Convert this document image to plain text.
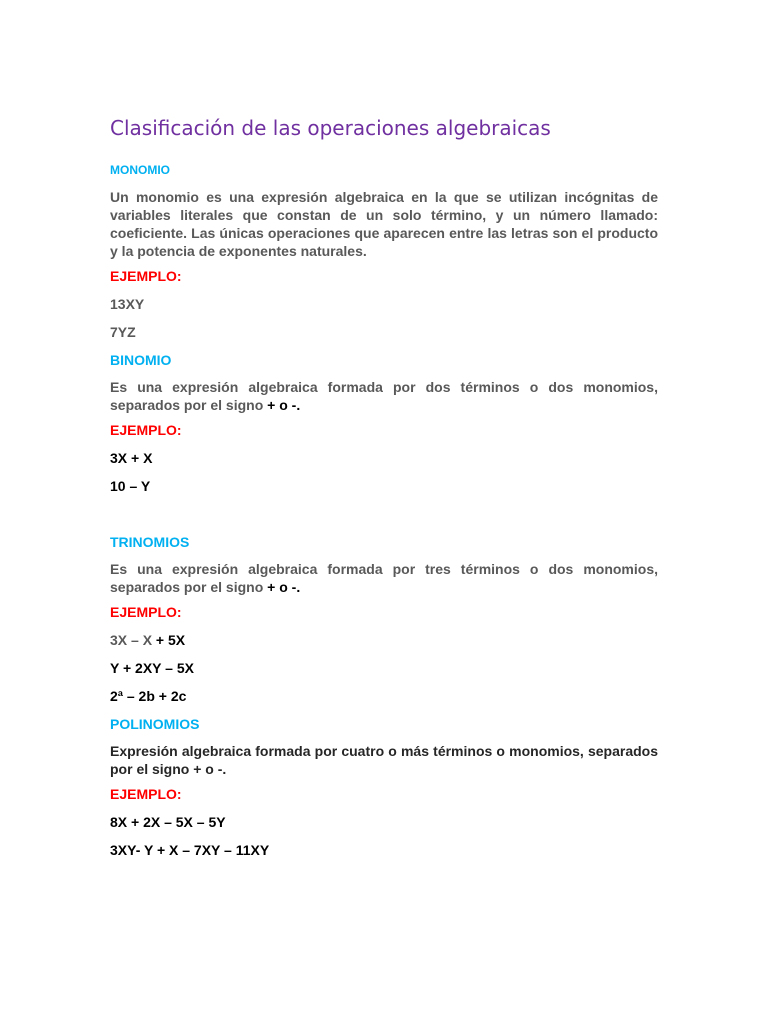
Clasificación de las operaciones algebraicas
MONOMIO

Un monomio es una expresión algebraica en la que se utilizan incógnitas de variables literales que constan de un solo término, y un número llamado: coeficiente. Las únicas operaciones que aparecen entre las letras son el producto y la potencia de exponentes naturales.

EJEMPLO:
13XY
7YZ
BINOMIO

Es una expresión algebraica formada por dos términos o dos monomios, separados por el signo + o -.

EJEMPLO:
3X + X
10 – Y
TRINOMIOS

Es una expresión algebraica formada por tres términos o dos monomios, separados por el signo + o -.

EJEMPLO:
3X – X + 5X
Y + 2XY – 5X
2ª – 2b + 2c
POLINOMIOS

Expresión algebraica formada por cuatro o más términos o monomios, separados por el signo + o -.

EJEMPLO:
8X + 2X – 5X – 5Y
3XY- Y + X – 7XY – 11XY
